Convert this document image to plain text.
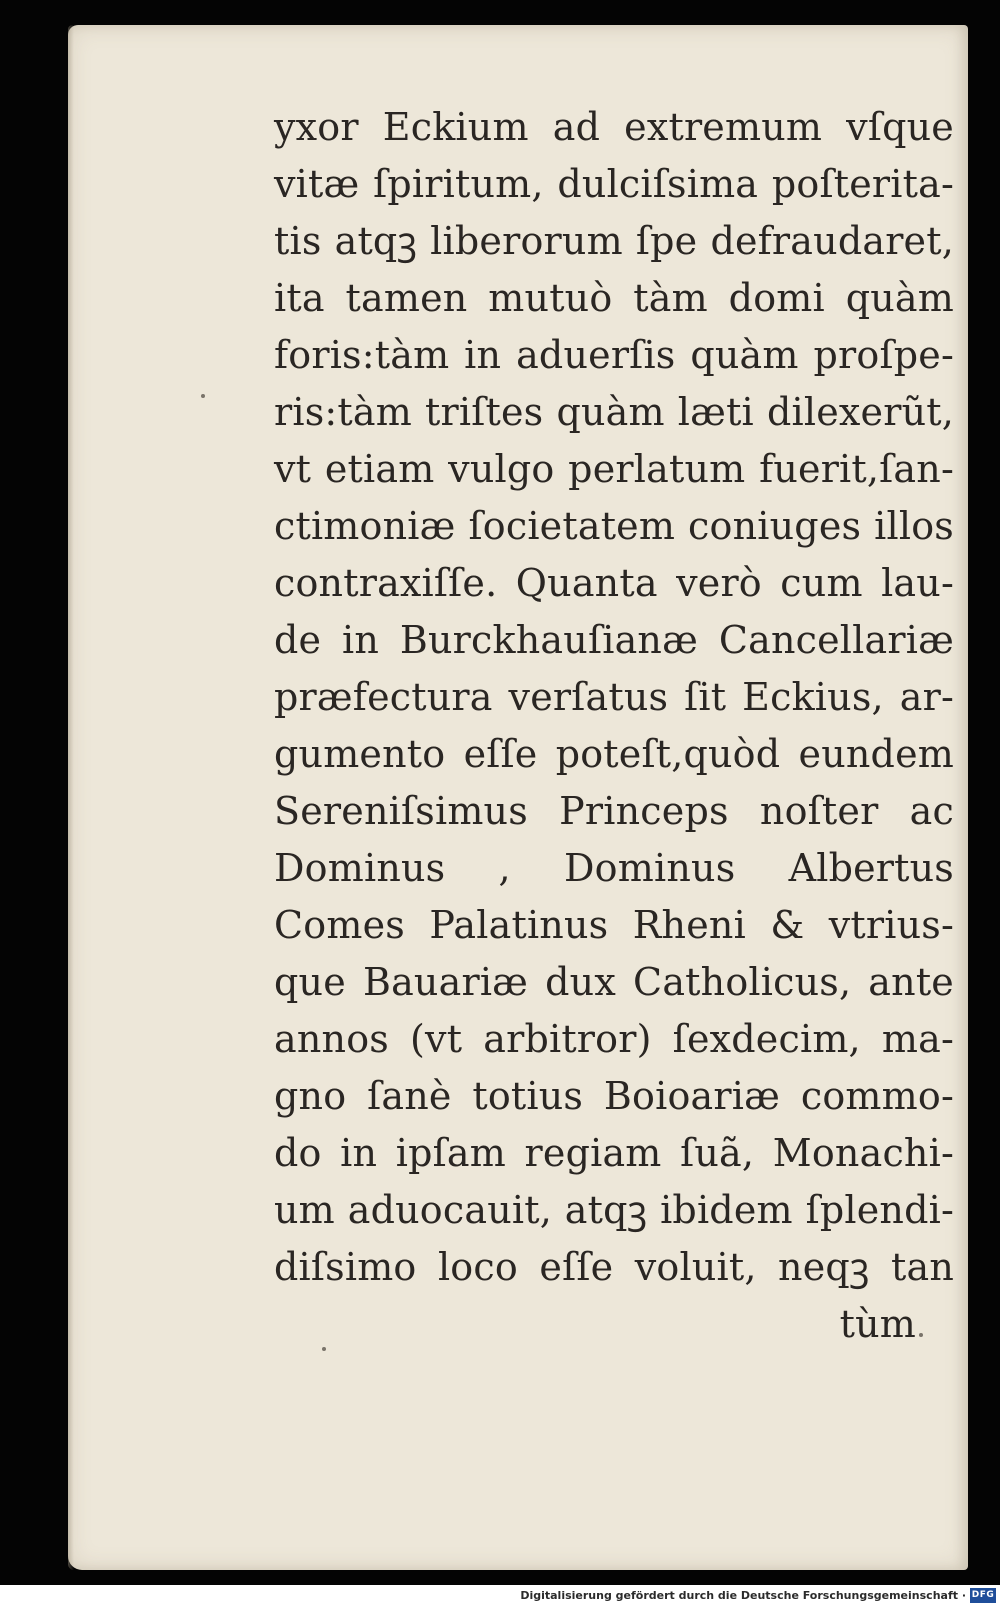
yxor Eckium ad extremum vſque
vitæ ſpiritum, dulciſsima poſterita-
tis atqꝫ liberorum ſpe defraudaret,
ita tamen mutuò tàm domi quàm
foris:tàm in aduerſis quàm proſpe-
ris:tàm triſtes quàm læti dilexerũt,
vt etiam vulgo perlatum fuerit,ſan-
ctimoniæ ſocietatem coniuges illos
contraxiſſe. Quanta verò cum lau-
de in Burckhauſianæ Cancellariæ
præfectura verſatus ſit Eckius, ar-
gumento eſſe poteſt,quòd eundem
Sereniſsimus Princeps noſter ac
Dominus , Dominus Albertus
Comes Palatinus Rheni & vtrius-
que Bauariæ dux Catholicus, ante
annos (vt arbitror) ſexdecim, ma-
gno ſanè totius Boioariæ commo-
do in ipſam regiam ſuã, Monachi-
um aduocauit, atqꝫ ibidem ſplendi-
diſsimo loco eſſe voluit, neqꝫ tan
tùm
Digitalisierung gefördert durch die Deutsche Forschungsgemeinschaft · DFG
